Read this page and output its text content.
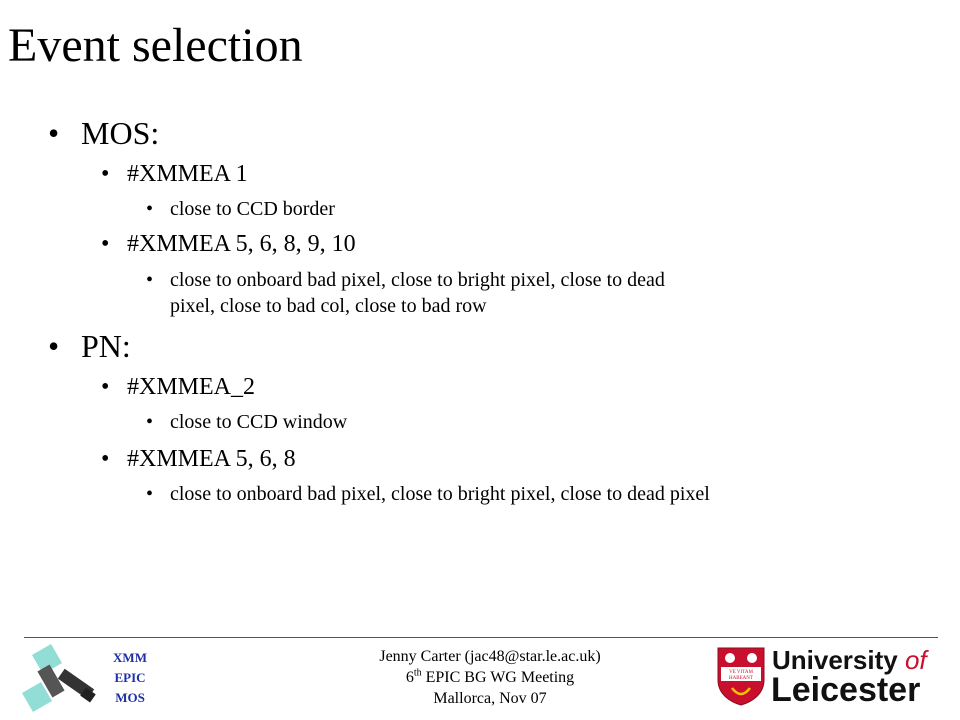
Event selection
• MOS:
• #XMMEA 1
• close to CCD border
• #XMMEA 5, 6, 8, 9, 10
• close to onboard bad pixel, close to bright pixel, close to dead
pixel, close to bad col, close to bad row
• PN:
• #XMMEA_2
• close to CCD window
• #XMMEA 5, 6, 8
• close to onboard bad pixel, close to bright pixel, close to dead pixel
XMM
EPIC
MOS
Jenny Carter (jac48@star.le.ac.uk)
6th EPIC BG WG Meeting
Mallorca, Nov 07
VE VITAM
HABEANT
University of
Leicester
